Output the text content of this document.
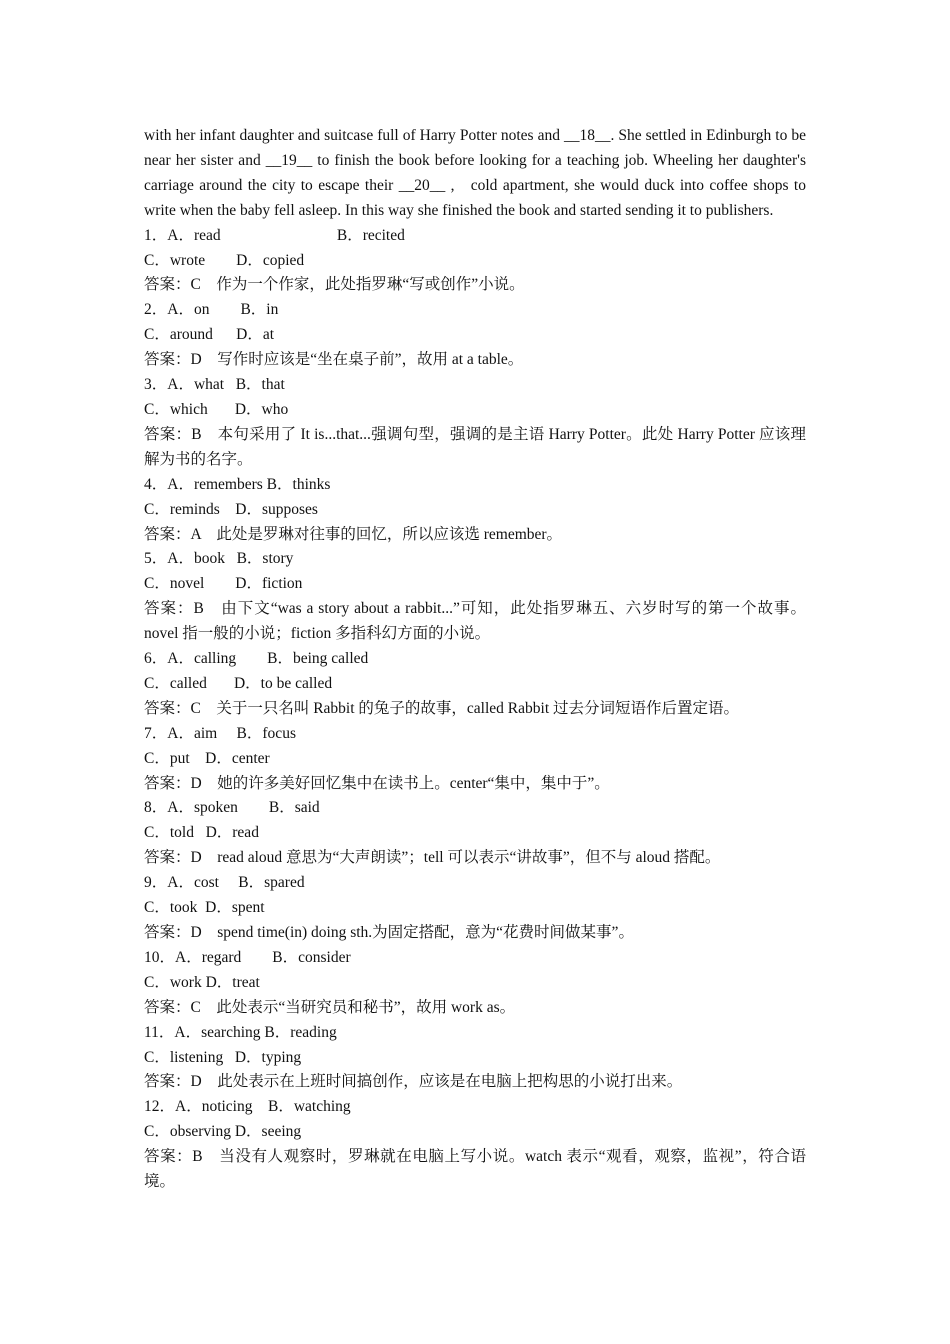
with her infant daughter and suitcase full of Harry Potter notes and __18__. She settled in Edinburgh to be near her sister and __19__ to finish the book before looking for a teaching job. Wheeling her daughter's carriage around the city to escape their __20__ ,   cold apartment, she would duck into coffee shops to write when the baby fell asleep. In this way she finished the book and started sending it to publishers.

1．A．read                              B．recited

C．wrote        D．copied

答案：C　作为一个作家，此处指罗琳“写或创作”小说。

2．A．on        B．in

C．around      D．at

答案：D　写作时应该是“坐在桌子前”，故用 at a table。

3．A．what   B．that

C．which       D．who

答案：B　本句采用了 It is...that...强调句型，强调的是主语 Harry Potter。此处 Harry Potter 应该理解为书的名字。

4．A．remembers B．thinks

C．reminds    D．supposes

答案：A　此处是罗琳对往事的回忆，所以应该选 remember。

5．A．book   B．story

C．novel        D．fiction

答案：B　由下文“was a story about a rabbit...”可知，此处指罗琳五、六岁时写的第一个故事。novel 指一般的小说；fiction 多指科幻方面的小说。

6．A．calling        B．being called

C．called       D．to be called

答案：C　关于一只名叫 Rabbit 的兔子的故事，called Rabbit 过去分词短语作后置定语。

7．A．aim     B．focus

C．put    D．center

答案：D　她的许多美好回忆集中在读书上。center“集中，集中于”。

8．A．spoken        B．said

C．told   D．read

答案：D　read aloud 意思为“大声朗读”；tell 可以表示“讲故事”，但不与 aloud 搭配。

9．A．cost     B．spared

C．took  D．spent

答案：D　spend time(in) doing sth.为固定搭配，意为“花费时间做某事”。

10．A．regard        B．consider

C．work D．treat

答案：C　此处表示“当研究员和秘书”，故用 work as。

11．A．searching B．reading

C．listening   D．typing

答案：D　此处表示在上班时间搞创作，应该是在电脑上把构思的小说打出来。

12．A．noticing    B．watching

C．observing D．seeing

答案：B　当没有人观察时，罗琳就在电脑上写小说。watch 表示“观看，观察，监视”，符合语境。
